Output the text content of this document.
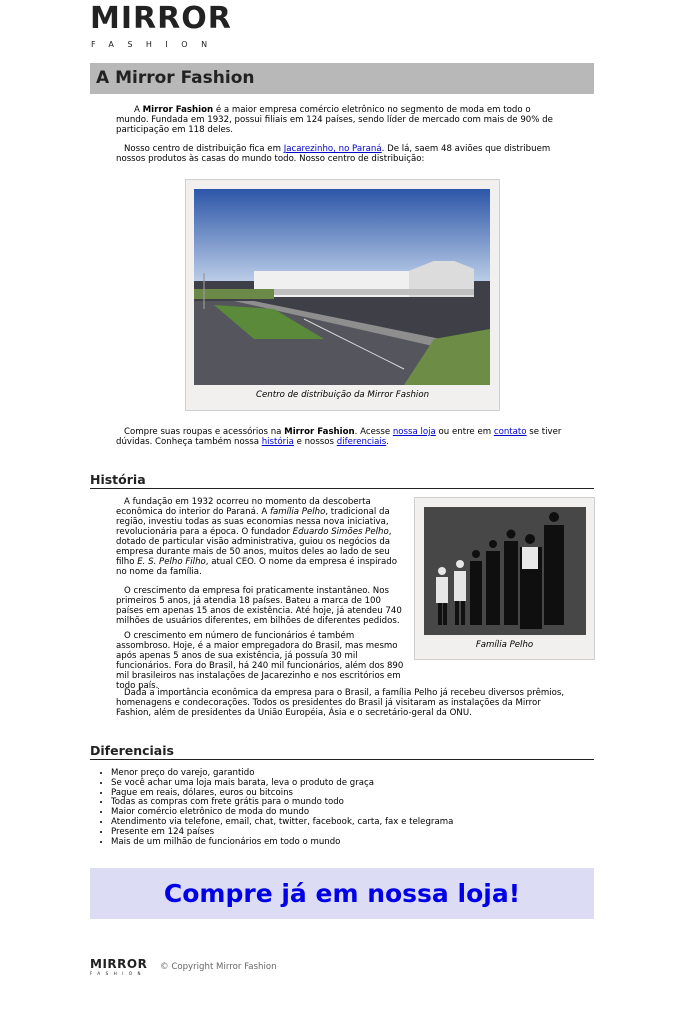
MIRROR
FASHION
A Mirror Fashion

A Mirror Fashion é a maior empresa comércio eletrônico no segmento de moda em todo o mundo. Fundada em 1932, possui filiais em 124 países, sendo líder de mercado com mais de 90% de participação em 118 deles.

Nosso centro de distribuição fica em Jacarezinho, no Paraná. De lá, saem 48 aviões que distribuem nossos produtos às casas do mundo todo. Nosso centro de distribuição:

Centro de distribuição da Mirror Fashion

Compre suas roupas e acessórios na Mirror Fashion. Acesse nossa loja ou entre em contato se tiver dúvidas. Conheça também nossa história e nossos diferenciais.

História
Família Pelho

A fundação em 1932 ocorreu no momento da descoberta econômica do interior do Paraná. A família Pelho, tradicional da região, investiu todas as suas economias nessa nova iniciativa, revolucionária para a época. O fundador Eduardo Simões Pelho, dotado de particular visão administrativa, guiou os negócios da empresa durante mais de 50 anos, muitos deles ao lado de seu filho E. S. Pelho Filho, atual CEO. O nome da empresa é inspirado no nome da família.

O crescimento da empresa foi praticamente instantâneo. Nos primeiros 5 anos, já atendia 18 países. Bateu a marca de 100 países em apenas 15 anos de existência. Até hoje, já atendeu 740 milhões de usuários diferentes, em bilhões de diferentes pedidos.

O crescimento em número de funcionários é também assombroso. Hoje, é a maior empregadora do Brasil, mas mesmo após apenas 5 anos de sua existência, já possuía 30 mil funcionários. Fora do Brasil, há 240 mil funcionários, além dos 890 mil brasileiros nas instalações de Jacarezinho e nos escritórios em todo país.

Dada a importância econômica da empresa para o Brasil, a família Pelho já recebeu diversos prêmios, homenagens e condecorações. Todos os presidentes do Brasil já visitaram as instalações da Mirror Fashion, além de presidentes da União Européia, Ásia e o secretário-geral da ONU.

Diferenciais
• Menor preço do varejo, garantido
• Se você achar uma loja mais barata, leva o produto de graça
• Pague em reais, dólares, euros ou bitcoins
• Todas as compras com frete grátis para o mundo todo
• Maior comércio eletrônico de moda do mundo
• Atendimento via telefone, email, chat, twitter, facebook, carta, fax e telegrama
• Presente em 124 países
• Mais de um milhão de funcionários em todo o mundo
Compre já em nossa loja!
MIRROR
FASHION
© Copyright Mirror Fashion
